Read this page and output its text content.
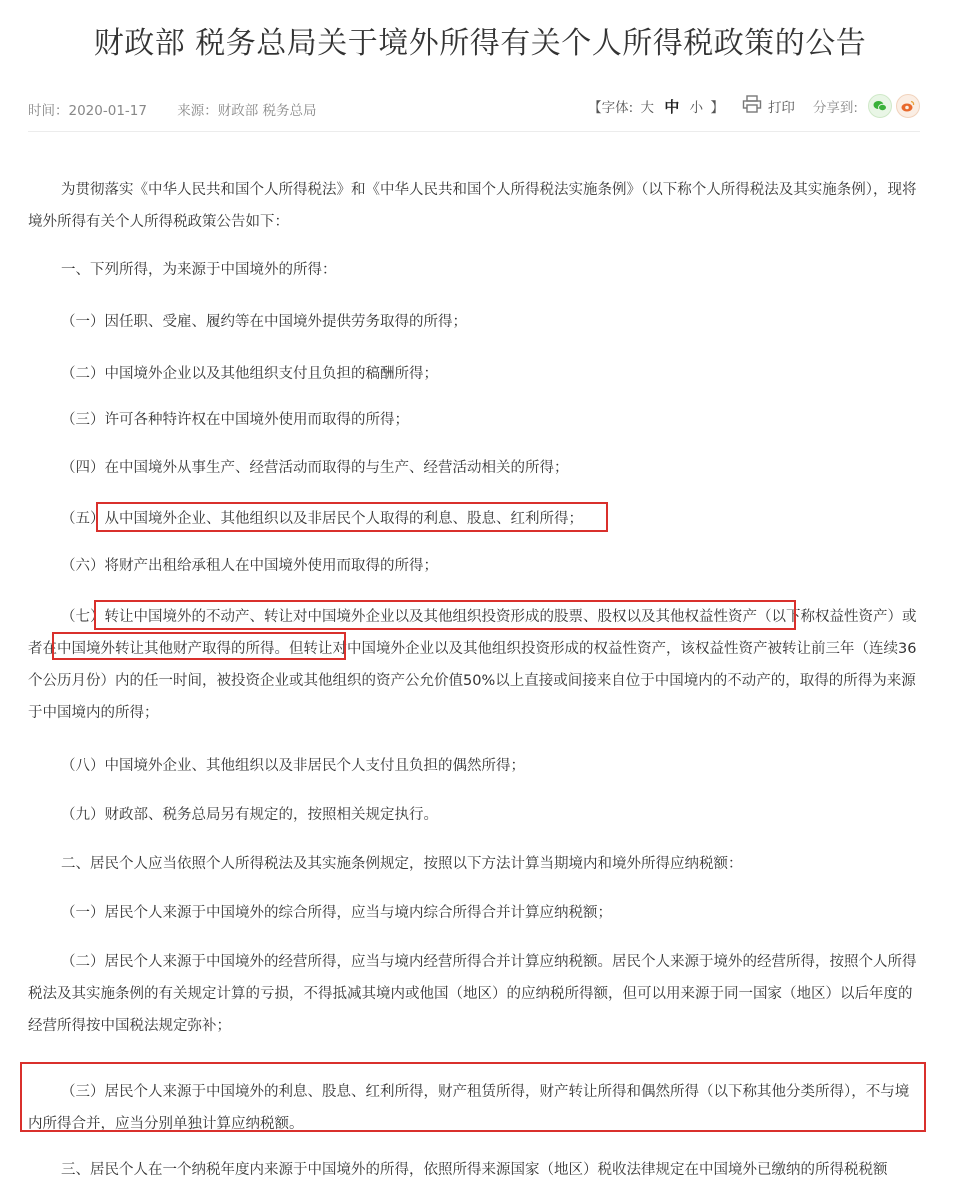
财政部 税务总局关于境外所得有关个人所得税政策的公告
时间：2020-01-17 来源：财政部 税务总局	【字体: 大 中 小 】	打印 分享到:

为贯彻落实《中华人民共和国个人所得税法》和《中华人民共和国个人所得税法实施条例》（以下称个人所得税法及其实施条例），现将境外所得有关个人所得税政策公告如下：

一、下列所得，为来源于中国境外的所得：

（一）因任职、受雇、履约等在中国境外提供劳务取得的所得；

（二）中国境外企业以及其他组织支付且负担的稿酬所得；

（三）许可各种特许权在中国境外使用而取得的所得；

（四）在中国境外从事生产、经营活动而取得的与生产、经营活动相关的所得；

（五）从中国境外企业、其他组织以及非居民个人取得的利息、股息、红利所得；

（六）将财产出租给承租人在中国境外使用而取得的所得；

（七）转让中国境外的不动产、转让对中国境外企业以及其他组织投资形成的股票、股权以及其他权益性资产（以下称权益性资产）或者在中国境外转让其他财产取得的所得。但转让对中国境外企业以及其他组织投资形成的权益性资产，该权益性资产被转让前三年（连续36个公历月份）内的任一时间，被投资企业或其他组织的资产公允价值50%以上直接或间接来自位于中国境内的不动产的，取得的所得为来源于中国境内的所得；

（八）中国境外企业、其他组织以及非居民个人支付且负担的偶然所得；

（九）财政部、税务总局另有规定的，按照相关规定执行。

二、居民个人应当依照个人所得税法及其实施条例规定，按照以下方法计算当期境内和境外所得应纳税额：

（一）居民个人来源于中国境外的综合所得，应当与境内综合所得合并计算应纳税额；

（二）居民个人来源于中国境外的经营所得，应当与境内经营所得合并计算应纳税额。居民个人来源于境外的经营所得，按照个人所得税法及其实施条例的有关规定计算的亏损，不得抵减其境内或他国（地区）的应纳税所得额，但可以用来源于同一国家（地区）以后年度的经营所得按中国税法规定弥补；

（三）居民个人来源于中国境外的利息、股息、红利所得，财产租赁所得，财产转让所得和偶然所得（以下称其他分类所得），不与境内所得合并，应当分别单独计算应纳税额。

三、居民个人在一个纳税年度内来源于中国境外的所得，依照所得来源国家（地区）税收法律规定在中国境外已缴纳的所得税税额
